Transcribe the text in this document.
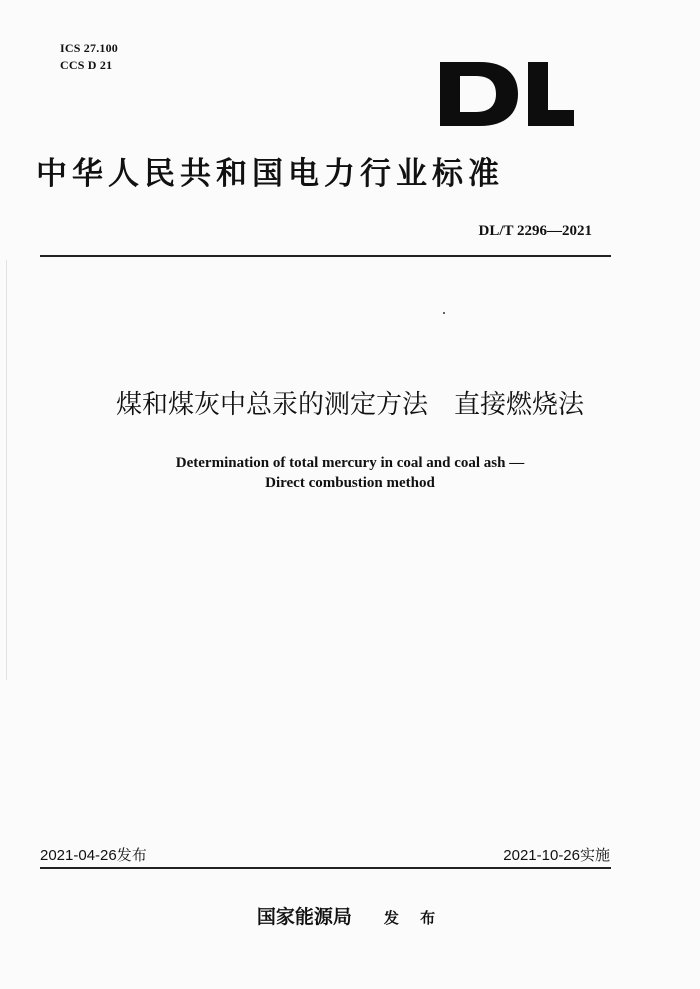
ICS 27.100
CCS D 21
中华人民共和国电力行业标准
DL/T 2296—2021
煤和煤灰中总汞的测定方法 直接燃烧法
Determination of total mercury in coal and coal ash —
Direct combustion method
2021-04-26发布	2021-10-26实施
国家能源局 发 布
